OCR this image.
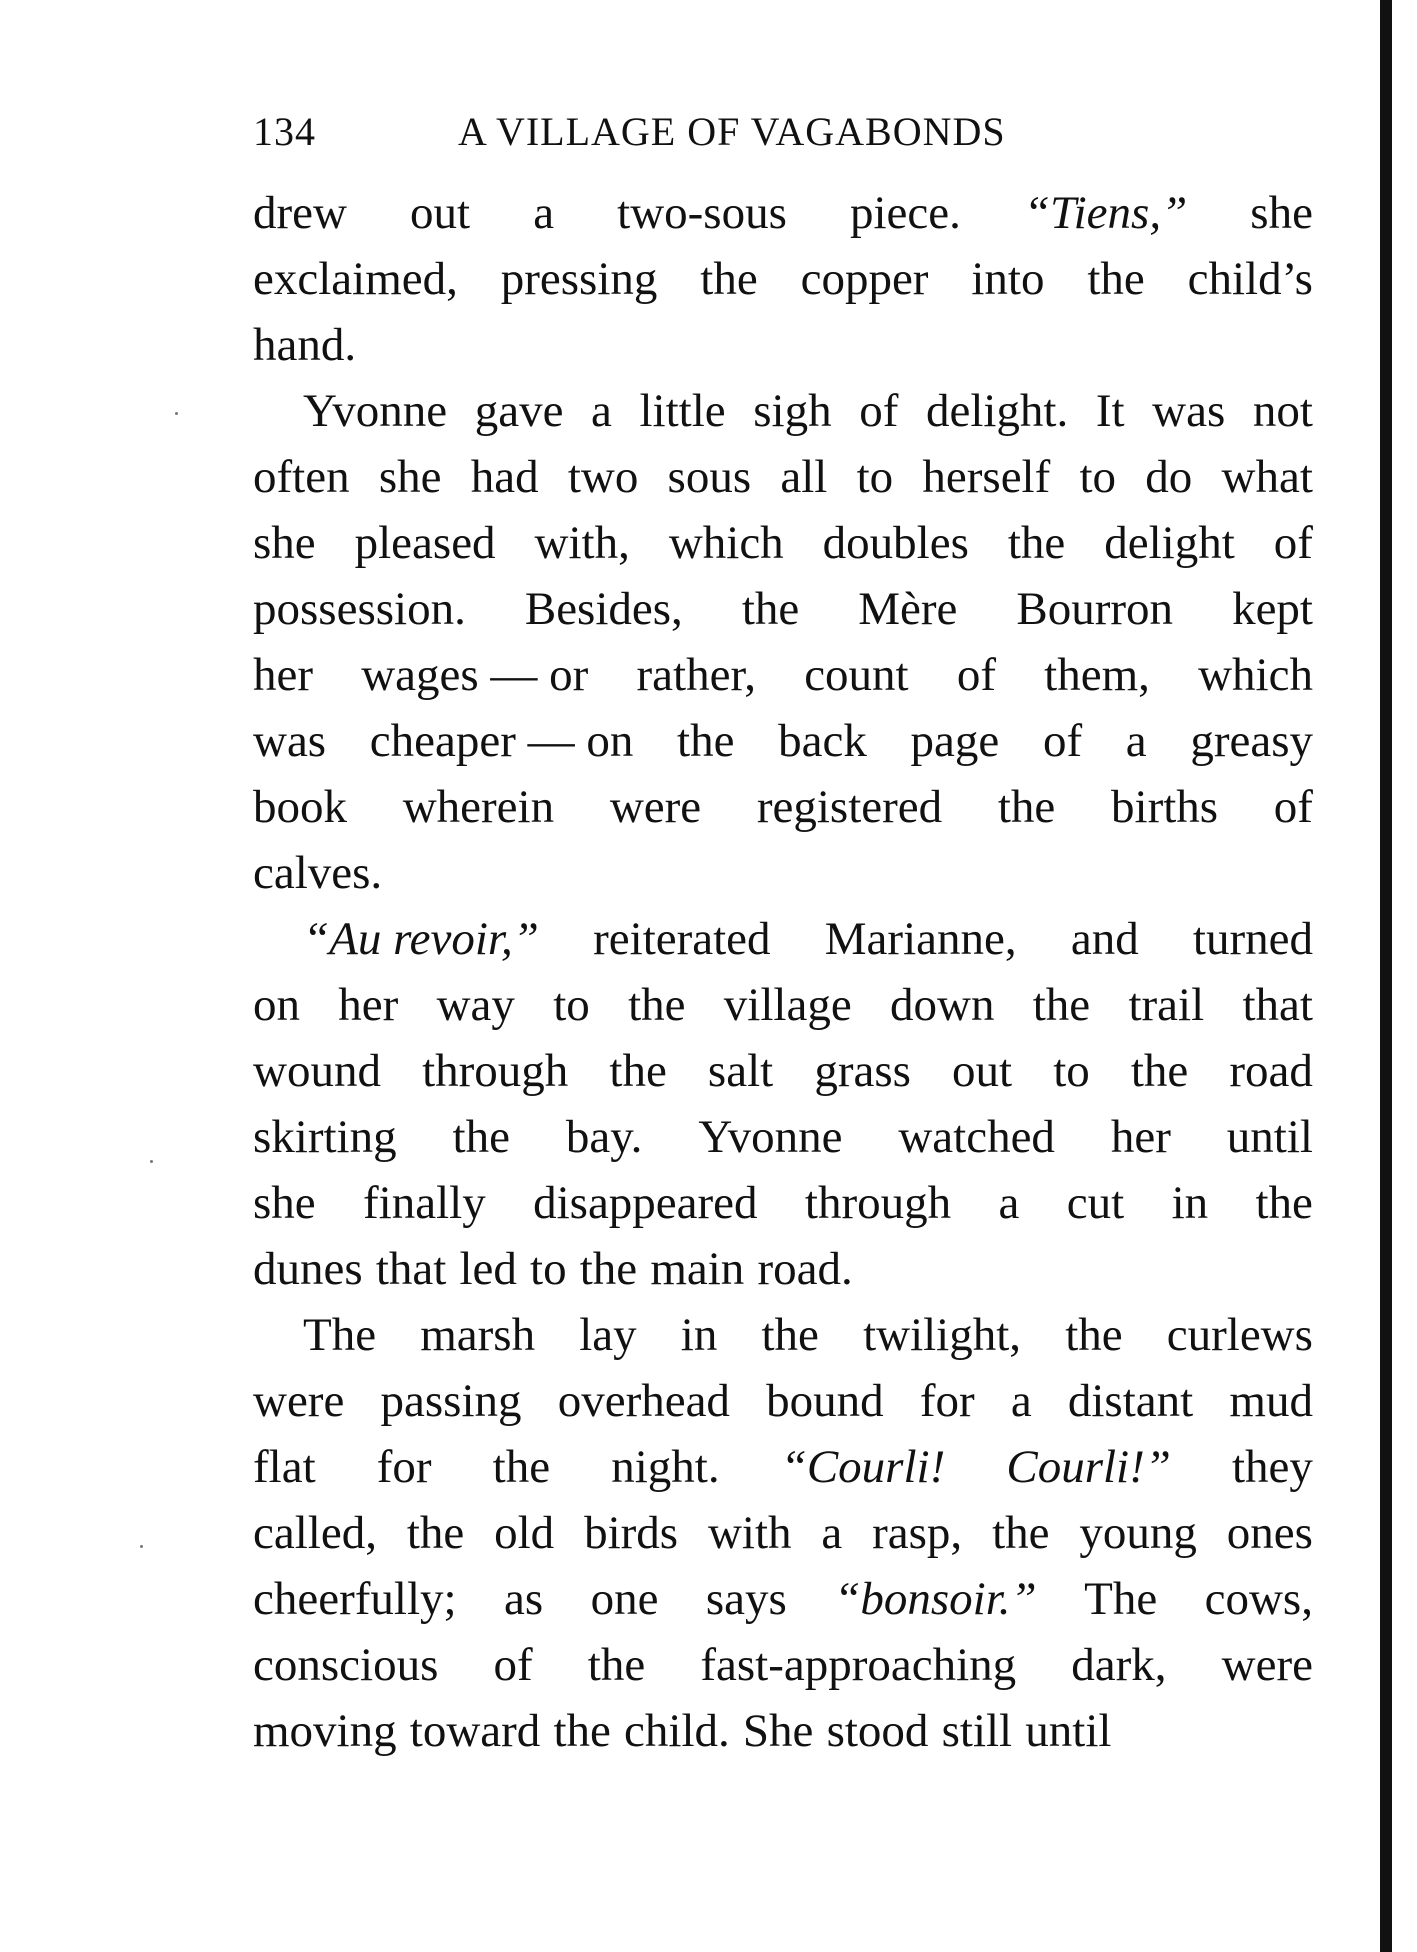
134	A VILLAGE OF VAGABONDS
drew out a two-sous piece. “Tiens,” she
exclaimed, pressing the copper into the child’s
hand.
Yvonne gave a little sigh of delight. It was not
often she had two sous all to herself to do what
she pleased with, which doubles the delight of
possession. Besides, the Mère Bourron kept
her wages — or rather, count of them, which
was cheaper — on the back page of a greasy
book wherein were registered the births of
calves.
“Au revoir,” reiterated Marianne, and turned
on her way to the village down the trail that
wound through the salt grass out to the road
skirting the bay. Yvonne watched her until
she finally disappeared through a cut in the
dunes that led to the main road.
The marsh lay in the twilight, the curlews
were passing overhead bound for a distant mud
flat for the night. “Courli! Courli!” they
called, the old birds with a rasp, the young ones
cheerfully; as one says “bonsoir.” The cows,
conscious of the fast-approaching dark, were
moving toward the child. She stood still until
